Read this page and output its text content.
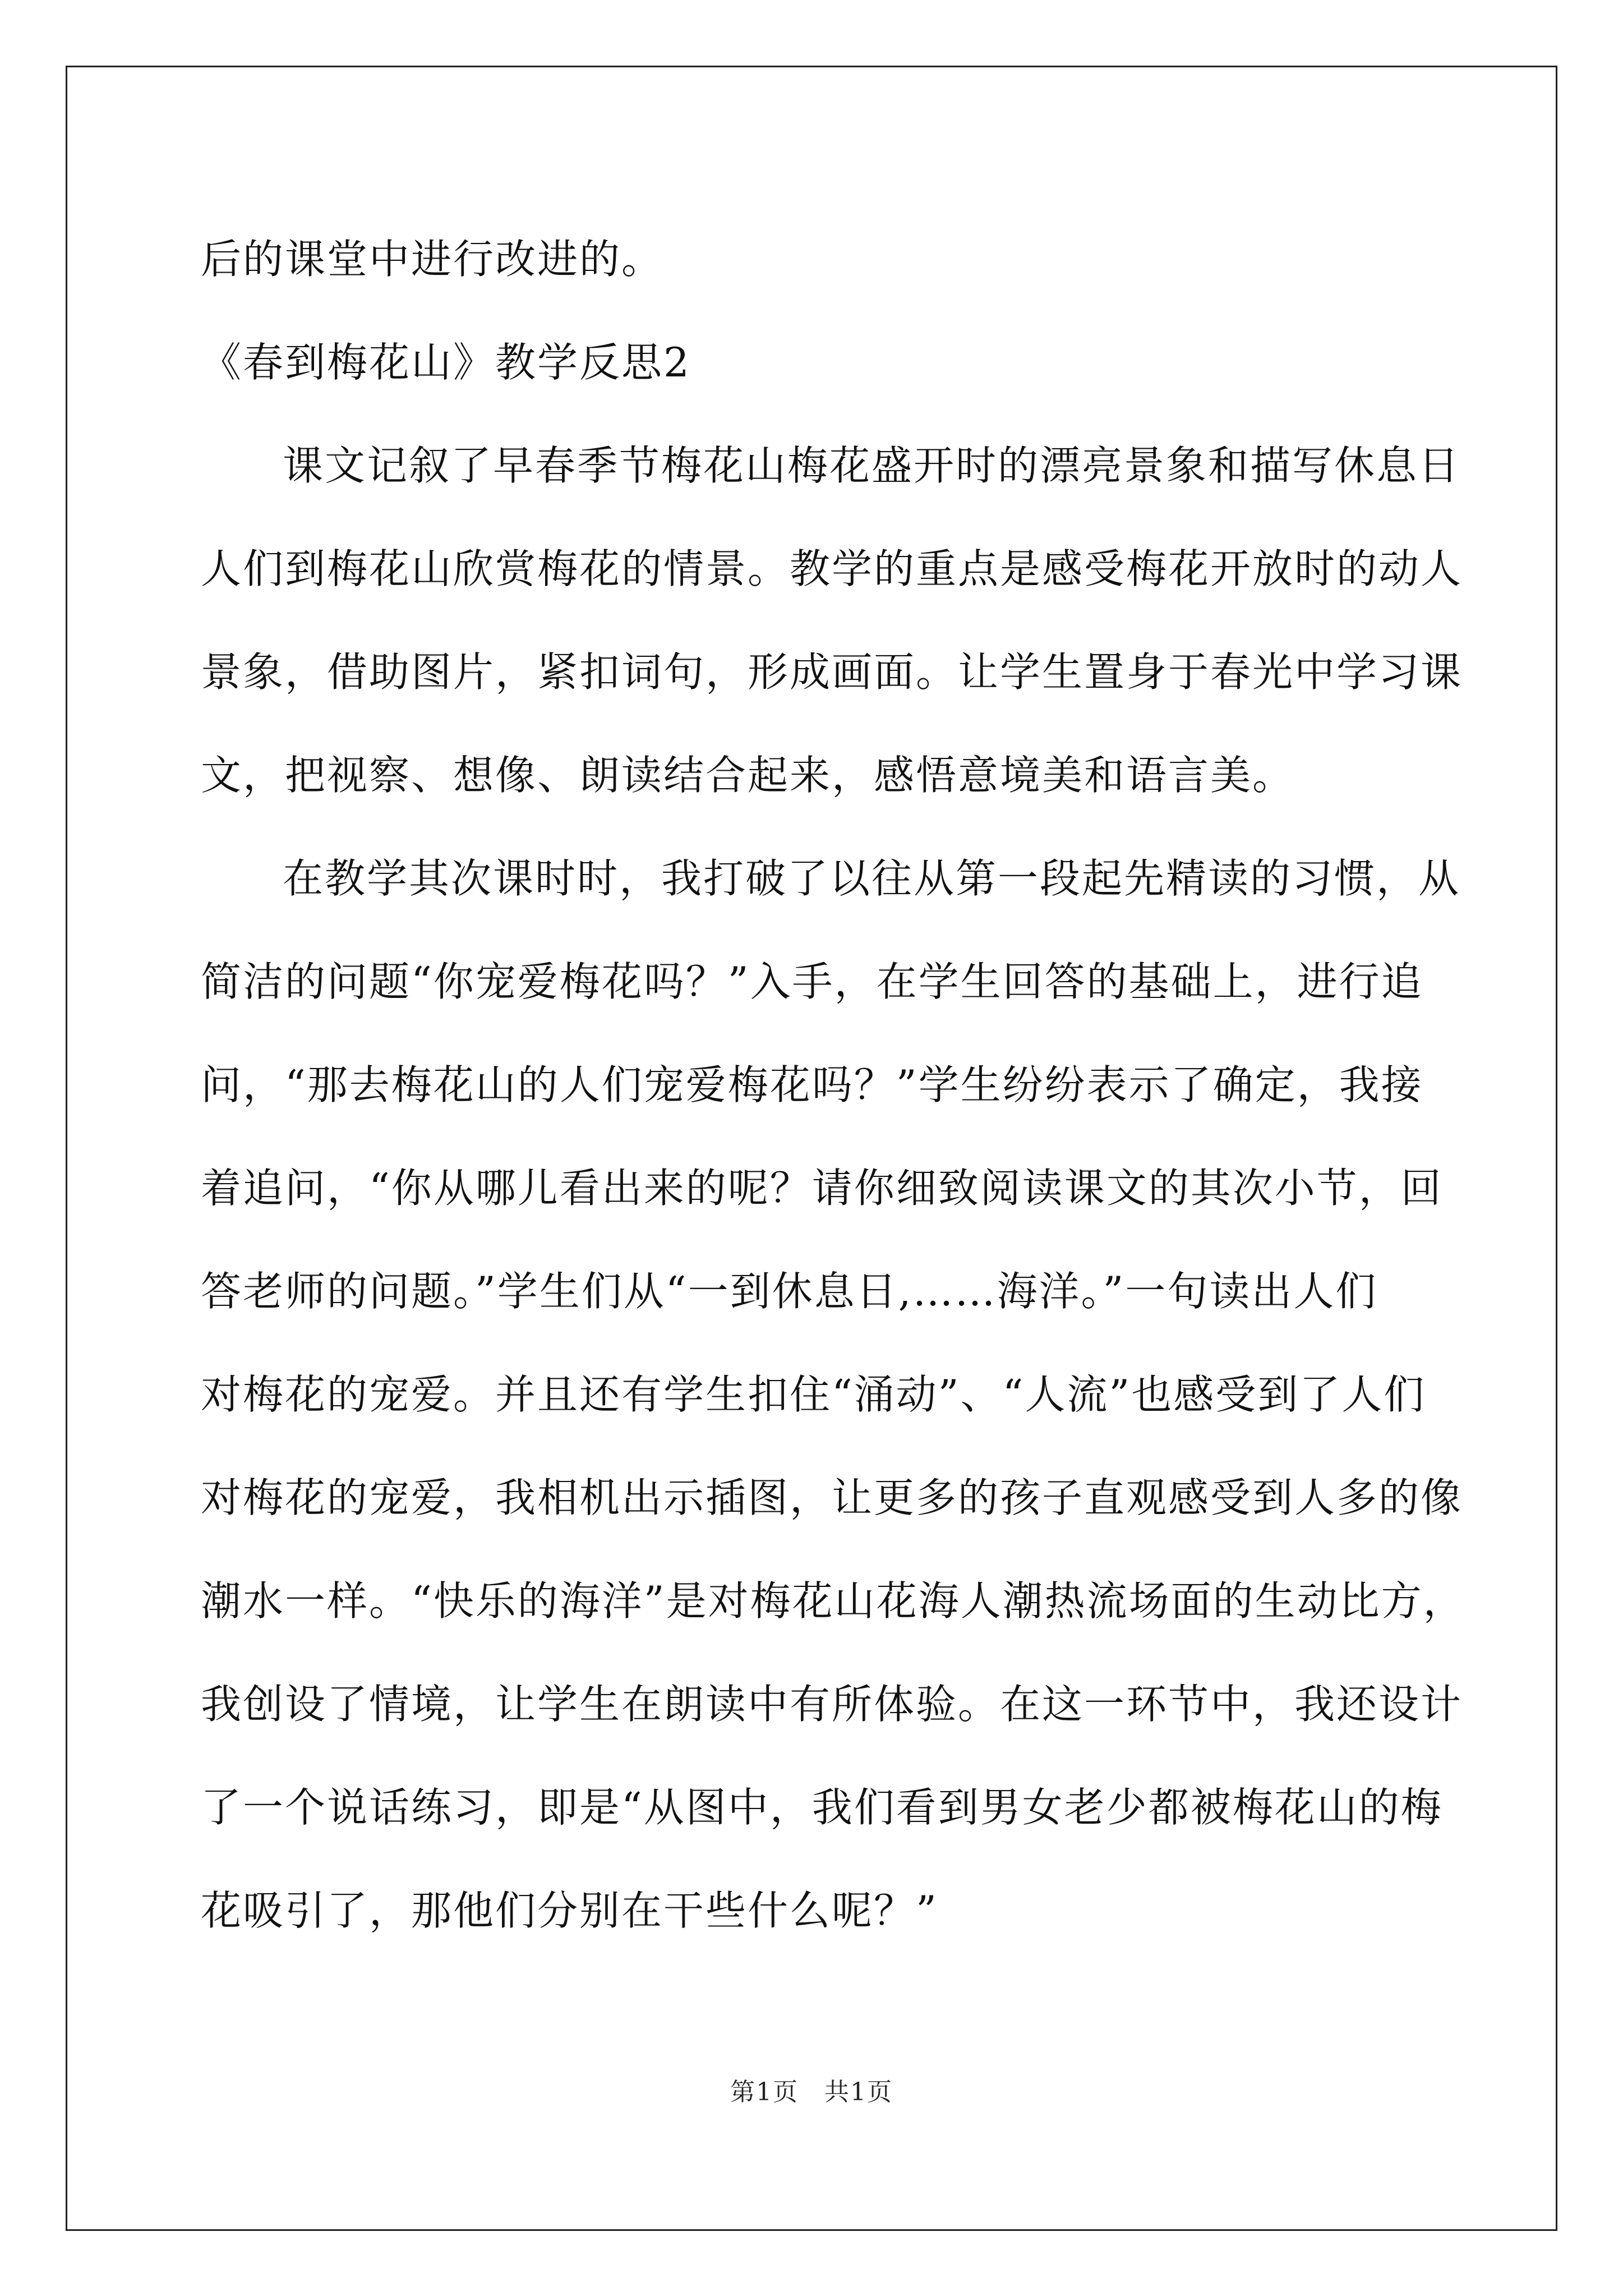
后的课堂中进行改进的。

《春到梅花山》教学反思2

课文记叙了早春季节梅花山梅花盛开时的漂亮景象和描写休息日

人们到梅花山欣赏梅花的情景。教学的重点是感受梅花开放时的动人

景象，借助图片，紧扣词句，形成画面。让学生置身于春光中学习课

文，把视察、想像、朗读结合起来，感悟意境美和语言美。

在教学其次课时时，我打破了以往从第一段起先精读的习惯，从

简洁的问题“你宠爱梅花吗？”入手，在学生回答的基础上，进行追

问，“那去梅花山的人们宠爱梅花吗？”学生纷纷表示了确定，我接

着追问，“你从哪儿看出来的呢？请你细致阅读课文的其次小节，回

答老师的问题。”学生们从“一到休息日,……海洋。”一句读出人们

对梅花的宠爱。并且还有学生扣住“涌动”、“人流”也感受到了人们

对梅花的宠爱，我相机出示插图，让更多的孩子直观感受到人多的像

潮水一样。“快乐的海洋”是对梅花山花海人潮热流场面的生动比方，

我创设了情境，让学生在朗读中有所体验。在这一环节中，我还设计

了一个说话练习，即是“从图中，我们看到男女老少都被梅花山的梅

花吸引了，那他们分别在干些什么呢？”

第1页　共1页
